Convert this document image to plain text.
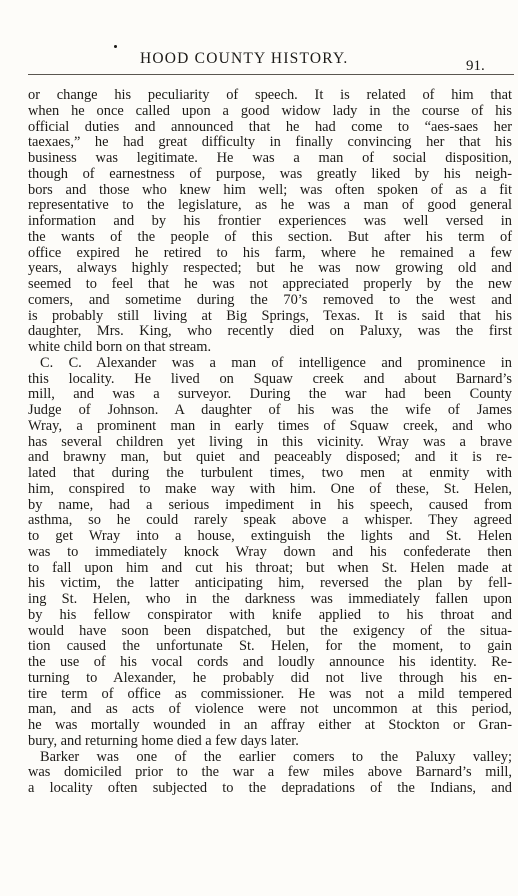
HOOD COUNTY HISTORY.	91.
or change his peculiarity of speech. It is related of him that
when he once called upon a good widow lady in the course of his
official duties and announced that he had come to “aes-saes her
taexaes,” he had great difficulty in finally convincing her that his
business was legitimate. He was a man of social disposition,
though of earnestness of purpose, was greatly liked by his neigh-
bors and those who knew him well; was often spoken of as a fit
representative to the legislature, as he was a man of good general
information and by his frontier experiences was well versed in
the wants of the people of this section. But after his term of
office expired he retired to his farm, where he remained a few
years, always highly respected; but he was now growing old and
seemed to feel that he was not appreciated properly by the new
comers, and sometime during the 70’s removed to the west and
is probably still living at Big Springs, Texas. It is said that his
daughter, Mrs. King, who recently died on Paluxy, was the first
white child born on that stream.
C. C. Alexander was a man of intelligence and prominence in
this locality. He lived on Squaw creek and about Barnard’s
mill, and was a surveyor. During the war had been County
Judge of Johnson. A daughter of his was the wife of James
Wray, a prominent man in early times of Squaw creek, and who
has several children yet living in this vicinity. Wray was a brave
and brawny man, but quiet and peaceably disposed; and it is re-
lated that during the turbulent times, two men at enmity with
him, conspired to make way with him. One of these, St. Helen,
by name, had a serious impediment in his speech, caused from
asthma, so he could rarely speak above a whisper. They agreed
to get Wray into a house, extinguish the lights and St. Helen
was to immediately knock Wray down and his confederate then
to fall upon him and cut his throat; but when St. Helen made at
his victim, the latter anticipating him, reversed the plan by fell-
ing St. Helen, who in the darkness was immediately fallen upon
by his fellow conspirator with knife applied to his throat and
would have soon been dispatched, but the exigency of the situa-
tion caused the unfortunate St. Helen, for the moment, to gain
the use of his vocal cords and loudly announce his identity. Re-
turning to Alexander, he probably did not live through his en-
tire term of office as commissioner. He was not a mild tempered
man, and as acts of violence were not uncommon at this period,
he was mortally wounded in an affray either at Stockton or Gran-
bury, and returning home died a few days later.
Barker was one of the earlier comers to the Paluxy valley;
was domiciled prior to the war a few miles above Barnard’s mill,
a locality often subjected to the depradations of the Indians, and
